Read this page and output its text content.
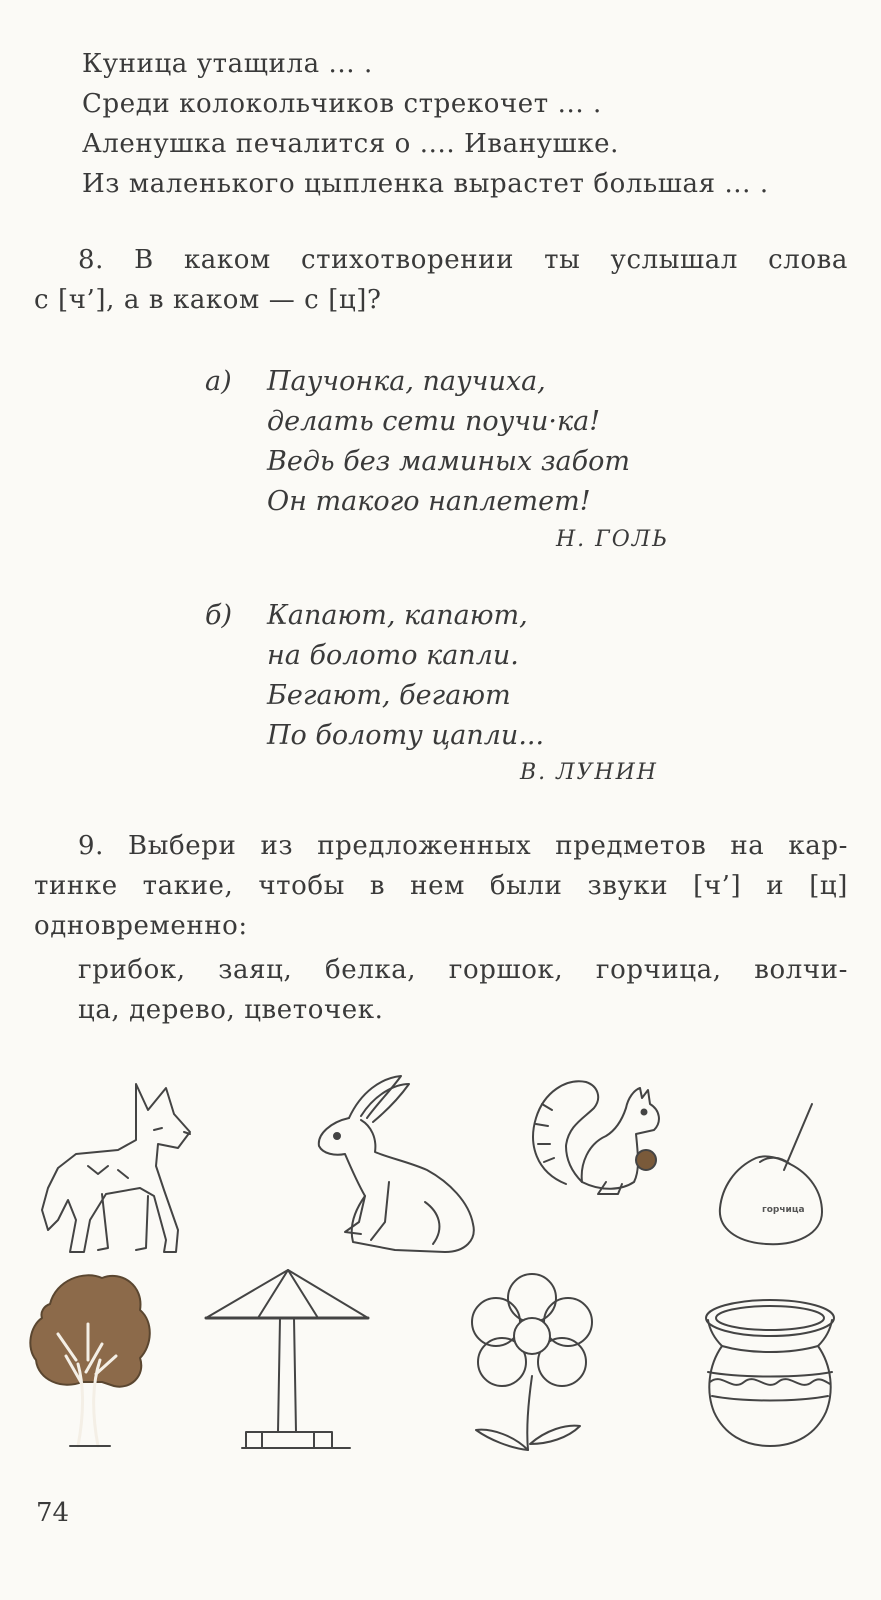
Куница утащила ... .
Среди колокольчиков стрекочет ... .
Аленушка печалится о .... Иванушке.
Из маленького цыпленка вырастет большая ... .
8. В каком стихотворении ты услышал слова
с [ч’], а в каком — с [ц]?
а)	Паучонка, паучиха,
делать сети поучи·ка!
Ведь без маминых забот
Он такого наплетет!
Н. ГОЛЬ
б)	Капают, капают,
на болото капли.
Бегают, бегают
По болоту цапли...
В. ЛУНИН
9. Выбери из предложенных предметов на кар-
тинке такие, чтобы в нем были звуки [ч’] и [ц]
одновременно:
грибок, заяц, белка, горшок, горчица, волчи-
ца, дерево, цветочек.
горчица
74
